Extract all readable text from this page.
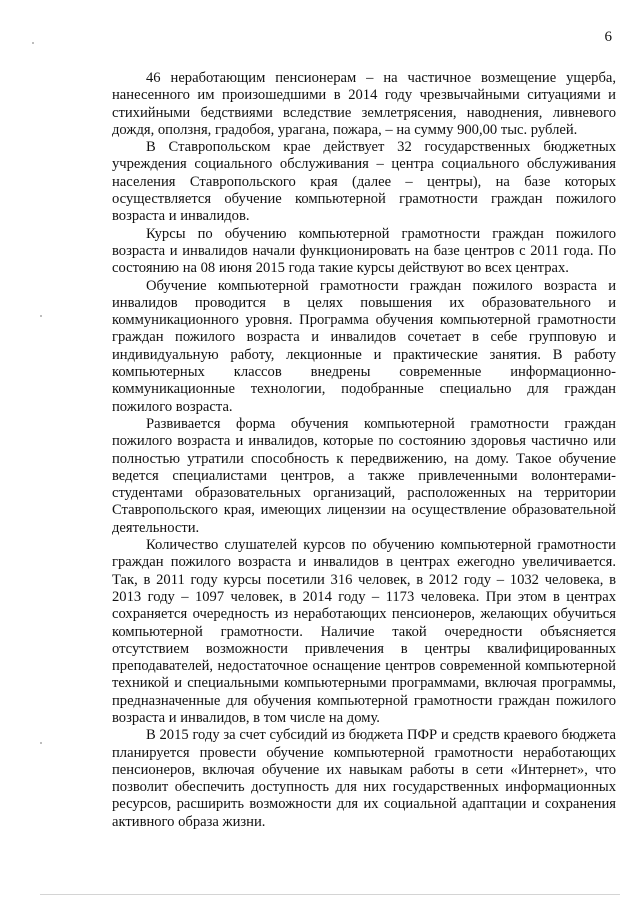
6

46 неработающим пенсионерам – на частичное возмещение ущерба, нанесенного им произошедшими в 2014 году чрезвычайными ситуациями и стихийными бедствиями вследствие землетрясения, наводнения, ливневого дождя, оползня, градобоя, урагана, пожара, – на сумму 900,00 тыс. рублей.

В Ставропольском крае действует 32 государственных бюджетных учреждения социального обслуживания – центра социального обслуживания населения Ставропольского края (далее – центры), на базе которых осуществляется обучение компьютерной грамотности граждан пожилого возраста и инвалидов.

Курсы по обучению компьютерной грамотности граждан пожилого возраста и инвалидов начали функционировать на базе центров с 2011 года. По состоянию на 08 июня 2015 года такие курсы действуют во всех центрах.

Обучение компьютерной грамотности граждан пожилого возраста и инвалидов проводится в целях повышения их образовательного и коммуникационного уровня. Программа обучения компьютерной грамотности граждан пожилого возраста и инвалидов сочетает в себе групповую и индивидуальную работу, лекционные и практические занятия. В работу компьютерных классов внедрены современные информационно-коммуникационные технологии, подобранные специально для граждан пожилого возраста.

Развивается форма обучения компьютерной грамотности граждан пожилого возраста и инвалидов, которые по состоянию здоровья частично или полностью утратили способность к передвижению, на дому. Такое обучение ведется специалистами центров, а также привлеченными волонтерами-студентами образовательных организаций, расположенных на территории Ставропольского края, имеющих лицензии на осуществление образовательной деятельности.

Количество слушателей курсов по обучению компьютерной грамотности граждан пожилого возраста и инвалидов в центрах ежегодно увеличивается. Так, в 2011 году курсы посетили 316 человек, в 2012 году – 1032 человека, в 2013 году – 1097 человек, в 2014 году – 1173 человека. При этом в центрах сохраняется очередность из неработающих пенсионеров, желающих обучиться компьютерной грамотности. Наличие такой очередности объясняется отсутствием возможности привлечения в центры квалифицированных преподавателей, недостаточное оснащение центров современной компьютерной техникой и специальными компьютерными программами, включая программы, предназначенные для обучения компьютерной грамотности граждан пожилого возраста и инвалидов, в том числе на дому.

В 2015 году за счет субсидий из бюджета ПФР и средств краевого бюджета планируется провести обучение компьютерной грамотности неработающих пенсионеров, включая обучение их навыкам работы в сети «Интернет», что позволит обеспечить доступность для них государственных информационных ресурсов, расширить возможности для их социальной адаптации и сохранения активного образа жизни.
